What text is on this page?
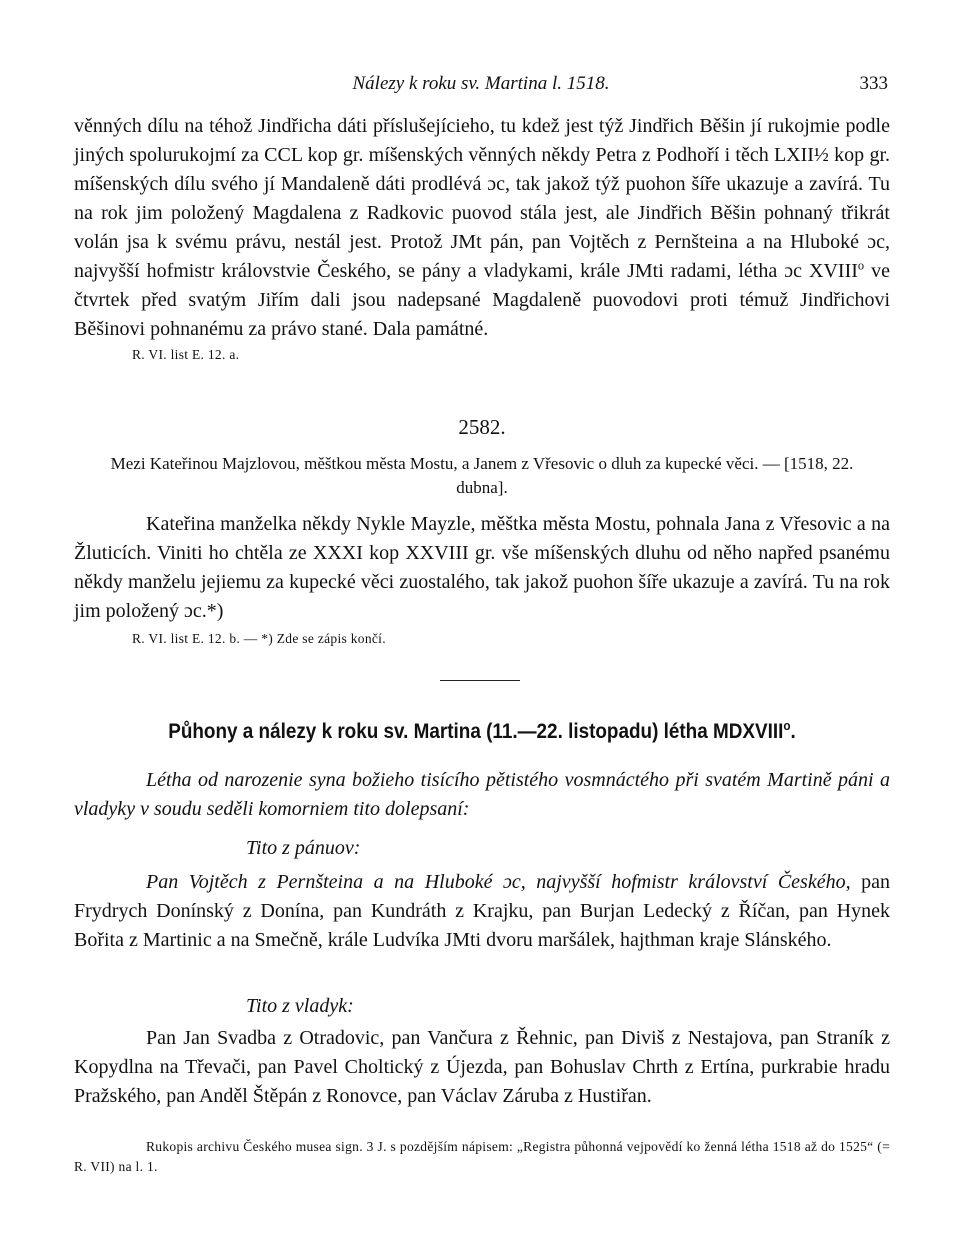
Nálezy k roku sv. Martina l. 1518.	333

věnných dílu na téhož Jindřicha dáti příslušejícieho, tu kdež jest týž Jindřich Běšin jí rukojmie podle jiných spolurukojmí za CCL kop gr. míšenských věnných někdy Petra z Podhoří i těch LXII½ kop gr. míšenských dílu svého jí Mandaleně dáti prodlévá ɔc, tak jakož týž puohon šíře ukazuje a zavírá. Tu na rok jim položený Magdalena z Radkovic puovod stála jest, ale Jindřich Běšin pohnaný třikrát volán jsa k svému právu, nestál jest. Protož JMt pán, pan Vojtěch z Pernšteina a na Hluboké ɔc, najvyšší hofmistr královstvie Českého, se pány a vladykami, krále JMti radami, létha ɔc XVIII$^o$ ve čtvrtek před svatým Jiřím dali jsou nadepsané Magdaleně puovodovi proti témuž Jindřichovi Běšinovi pohnanému za právo stané. Dala památné.

R. VI. list E. 12. a.

2582.

Mezi Kateřinou Majzlovou, měštkou města Mostu, a Janem z Vřesovic o dluh za kupecké věci. — [1518, 22. dubna].

Kateřina manželka někdy Nykle Mayzle, měštka města Mostu, pohnala Jana z Vřesovic a na Žluticích. Viniti ho chtěla ze XXXI kop XXVIII gr. vše míšenských dluhu od něho napřed psanému někdy manželu jejiemu za kupecké věci zuostalého, tak jakož puohon šíře ukazuje a zavírá. Tu na rok jim položený ɔc.*)

R. VI. list E. 12. b. — *) Zde se zápis končí.

Půhony a nálezy k roku sv. Martina (11.—22. listopadu) létha MDXVIII$^o$.

Létha od narozenie syna božieho tisícího pětistého vosmnáctého při svatém Martině páni a vladyky v soudu seděli komorniem tito dolepsaní:

Tito z pánuov:

Pan Vojtěch z Pernšteina a na Hluboké ɔc, najvyšší hofmistr království Českého, pan Frydrych Donínský z Donína, pan Kundráth z Krajku, pan Burjan Ledecký z Říčan, pan Hynek Bořita z Martinic a na Smečně, krále Ludvíka JMti dvoru maršálek, hajthman kraje Slánského.

Tito z vladyk:

Pan Jan Svadba z Otradovic, pan Vančura z Řehnic, pan Diviš z Nestajova, pan Straník z Kopydlna na Třevači, pan Pavel Choltický z Újezda, pan Bohuslav Chrth z Ertína, purkrabie hradu Pražského, pan Anděl Štěpán z Ronovce, pan Václav Záruba z Hustiřan.

Rukopis archivu Českého musea sign. 3 J. s pozdějším nápisem: „Registra půhonná vejpovědí ko ženná létha 1518 až do 1525“ (= R. VII) na l. 1.
